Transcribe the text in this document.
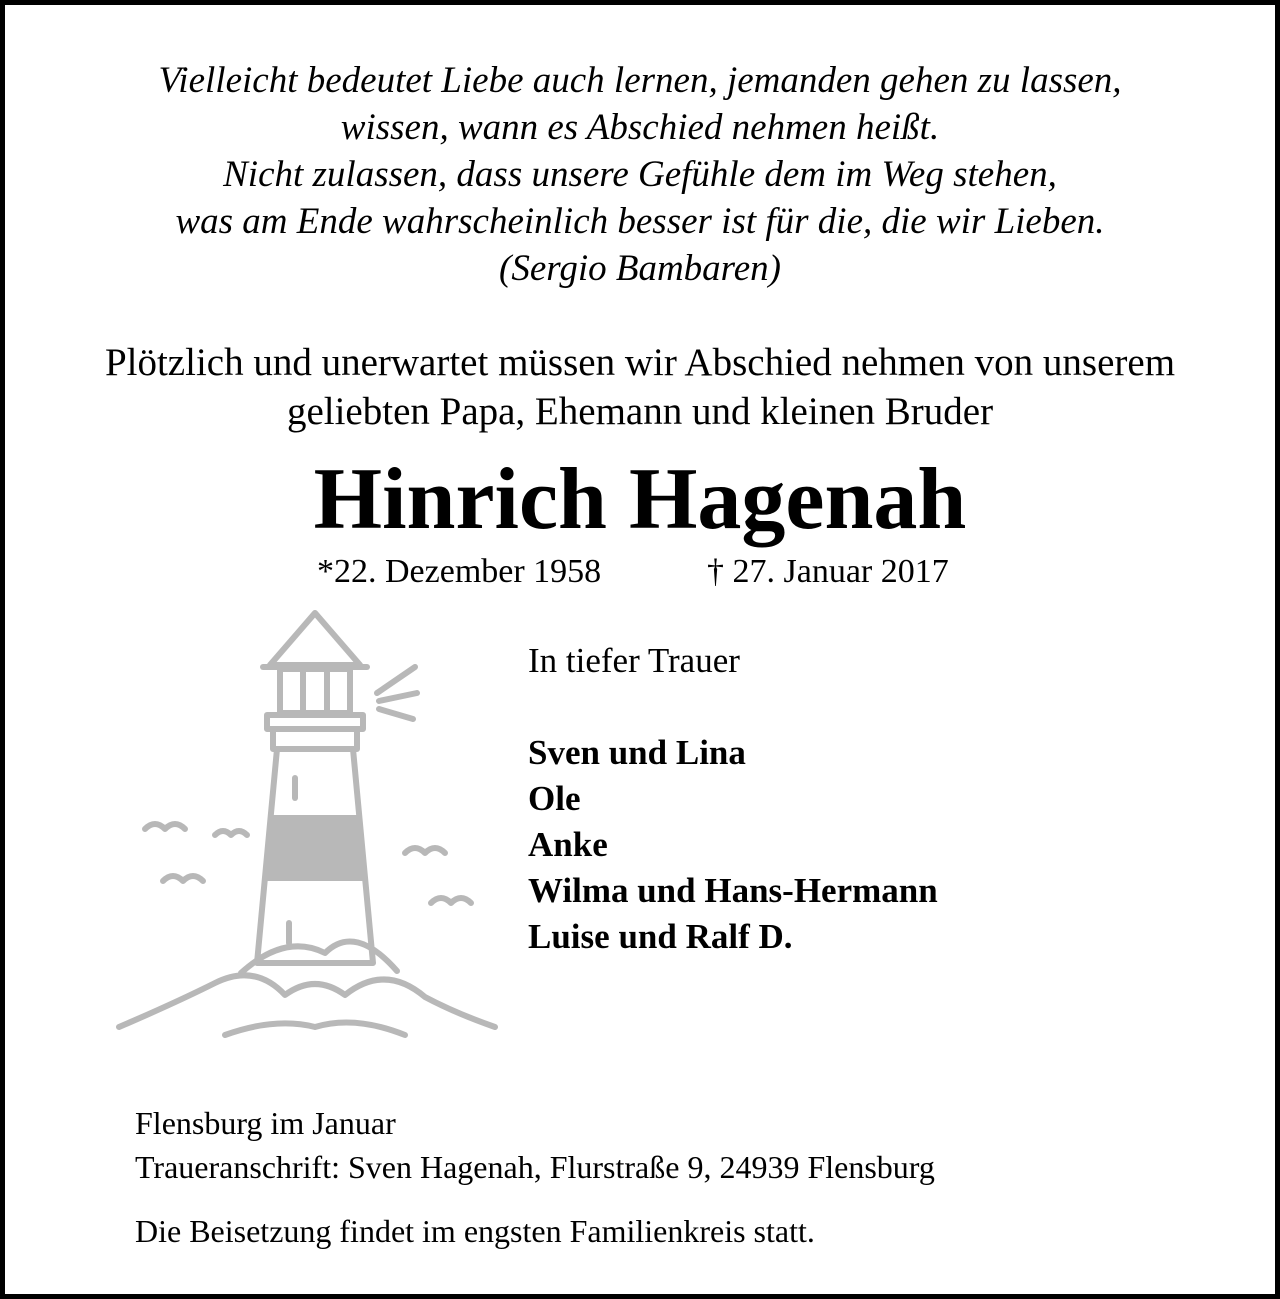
Vielleicht bedeutet Liebe auch lernen, jemanden gehen zu lassen,
wissen, wann es Abschied nehmen heißt.
Nicht zulassen, dass unsere Gefühle dem im Weg stehen,
was am Ende wahrscheinlich besser ist für die, die wir Lieben.
(Sergio Bambaren)
Plötzlich und unerwartet müssen wir Abschied nehmen von unserem
geliebten Papa, Ehemann und kleinen Bruder
Hinrich Hagenah
*22. Dezember 1958	† 27. Januar 2017
In tiefer Trauer
Sven und Lina
Ole
Anke
Wilma und Hans-Hermann
Luise und Ralf D.
Flensburg im Januar
Traueranschrift: Sven Hagenah, Flurstraße 9, 24939 Flensburg
Die Beisetzung findet im engsten Familienkreis statt.
